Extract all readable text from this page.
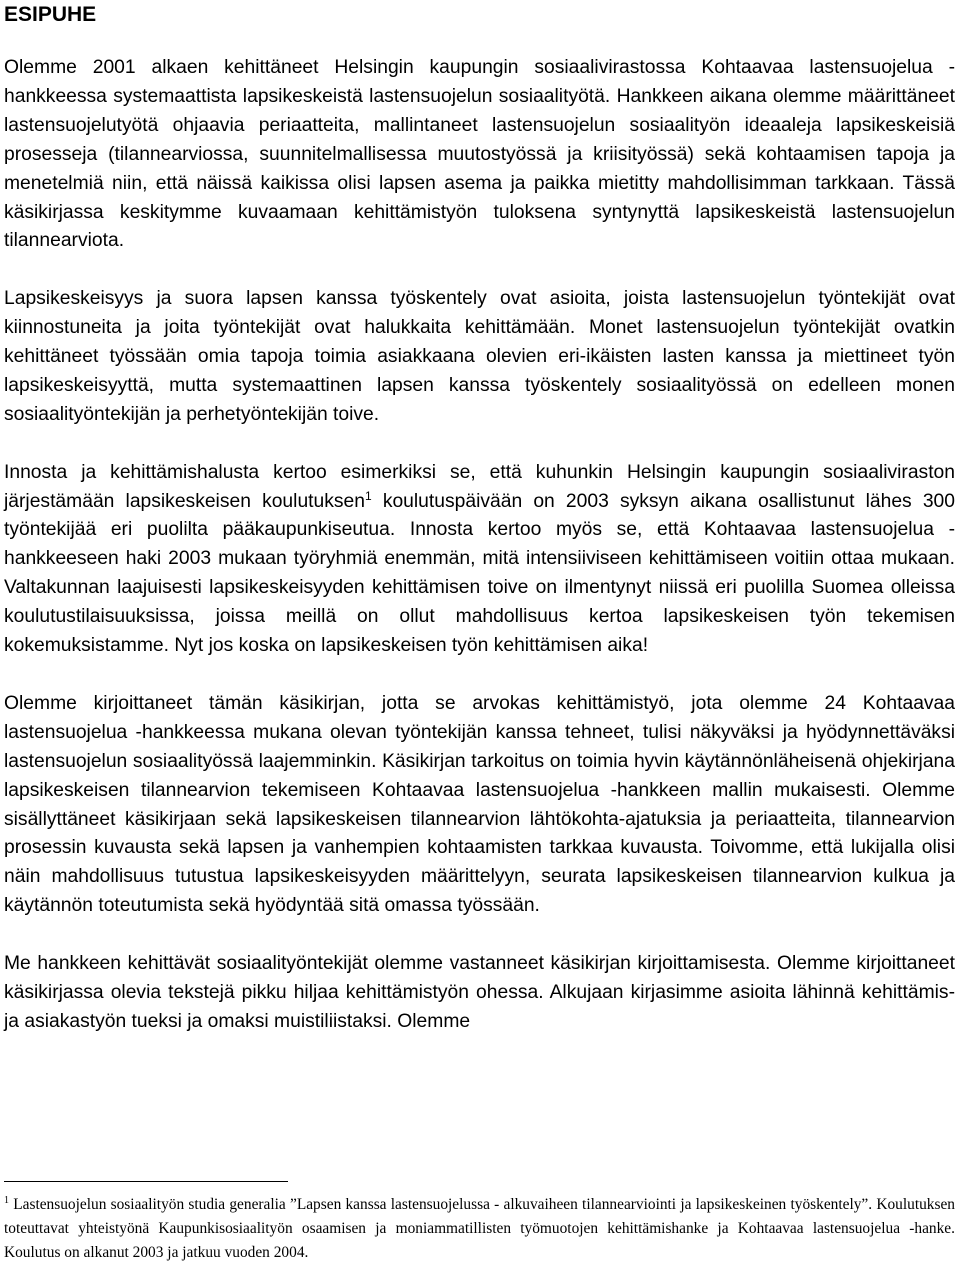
ESIPUHE

Olemme 2001 alkaen kehittäneet Helsingin kaupungin sosiaalivirastossa Kohtaavaa lastensuojelua -hankkeessa systemaattista lapsikeskeistä lastensuojelun sosiaalityötä. Hankkeen aikana olemme määrittäneet lastensuojelutyötä ohjaavia periaatteita, mallintaneet lastensuojelun sosiaalityön ideaaleja lapsikeskeisiä prosesseja (tilannearviossa, suunnitelmallisessa muutostyössä ja kriisityössä) sekä kohtaamisen tapoja ja menetelmiä niin, että näissä kaikissa olisi lapsen asema ja paikka mietitty mahdollisimman tarkkaan. Tässä käsikirjassa keskitymme kuvaamaan kehittämistyön tuloksena syntynyttä lapsikeskeistä lastensuojelun tilannearviota.

Lapsikeskeisyys ja suora lapsen kanssa työskentely ovat asioita, joista lastensuojelun työntekijät ovat kiinnostuneita ja joita työntekijät ovat halukkaita kehittämään. Monet lastensuojelun työntekijät ovatkin kehittäneet työssään omia tapoja toimia asiakkaana olevien eri-ikäisten lasten kanssa ja miettineet työn lapsikeskeisyyttä, mutta systemaattinen lapsen kanssa työskentely sosiaalityössä on edelleen monen sosiaalityöntekijän ja perhetyöntekijän toive.

Innosta ja kehittämishalusta kertoo esimerkiksi se, että kuhunkin Helsingin kaupungin sosiaaliviraston järjestämään lapsikeskeisen koulutuksen$^1$ koulutuspäivään on 2003 syksyn aikana osallistunut lähes 300 työntekijää eri puolilta pääkaupunkiseutua. Innosta kertoo myös se, että Kohtaavaa lastensuojelua -hankkeeseen haki 2003 mukaan työryhmiä enemmän, mitä intensiiviseen kehittämiseen voitiin ottaa mukaan. Valtakunnan laajuisesti lapsikeskeisyyden kehittämisen toive on ilmentynyt niissä eri puolilla Suomea olleissa koulutustilaisuuksissa, joissa meillä on ollut mahdollisuus kertoa lapsikeskeisen työn tekemisen kokemuksistamme. Nyt jos koska on lapsikeskeisen työn kehittämisen aika!

Olemme kirjoittaneet tämän käsikirjan, jotta se arvokas kehittämistyö, jota olemme 24 Kohtaavaa lastensuojelua -hankkeessa mukana olevan työntekijän kanssa tehneet, tulisi näkyväksi ja hyödynnettäväksi lastensuojelun sosiaalityössä laajemminkin. Käsikirjan tarkoitus on toimia hyvin käytännönläheisenä ohjekirjana lapsikeskeisen tilannearvion tekemiseen Kohtaavaa lastensuojelua -hankkeen mallin mukaisesti. Olemme sisällyttäneet käsikirjaan sekä lapsikeskeisen tilannearvion lähtökohta-ajatuksia ja periaatteita, tilannearvion prosessin kuvausta sekä lapsen ja vanhempien kohtaamisten tarkkaa kuvausta. Toivomme, että lukijalla olisi näin mahdollisuus tutustua lapsikeskeisyyden määrittelyyn, seurata lapsikeskeisen tilannearvion kulkua ja käytännön toteutumista sekä hyödyntää sitä omassa työssään.

Me hankkeen kehittävät sosiaalityöntekijät olemme vastanneet käsikirjan kirjoittamisesta. Olemme kirjoittaneet käsikirjassa olevia tekstejä pikku hiljaa kehittämistyön ohessa. Alkujaan kirjasimme asioita lähinnä kehittämis- ja asiakastyön tueksi ja omaksi muistiliistaksi. Olemme

$^1$ Lastensuojelun sosiaalityön studia generalia ”Lapsen kanssa lastensuojelussa - alkuvaiheen tilannearviointi ja lapsikeskeinen työskentely”. Koulutuksen toteuttavat yhteistyönä Kaupunkisosiaalityön osaamisen ja moniammatillisten työmuotojen kehittämishanke ja Kohtaavaa lastensuojelua -hanke. Koulutus on alkanut 2003 ja jatkuu vuoden 2004.
